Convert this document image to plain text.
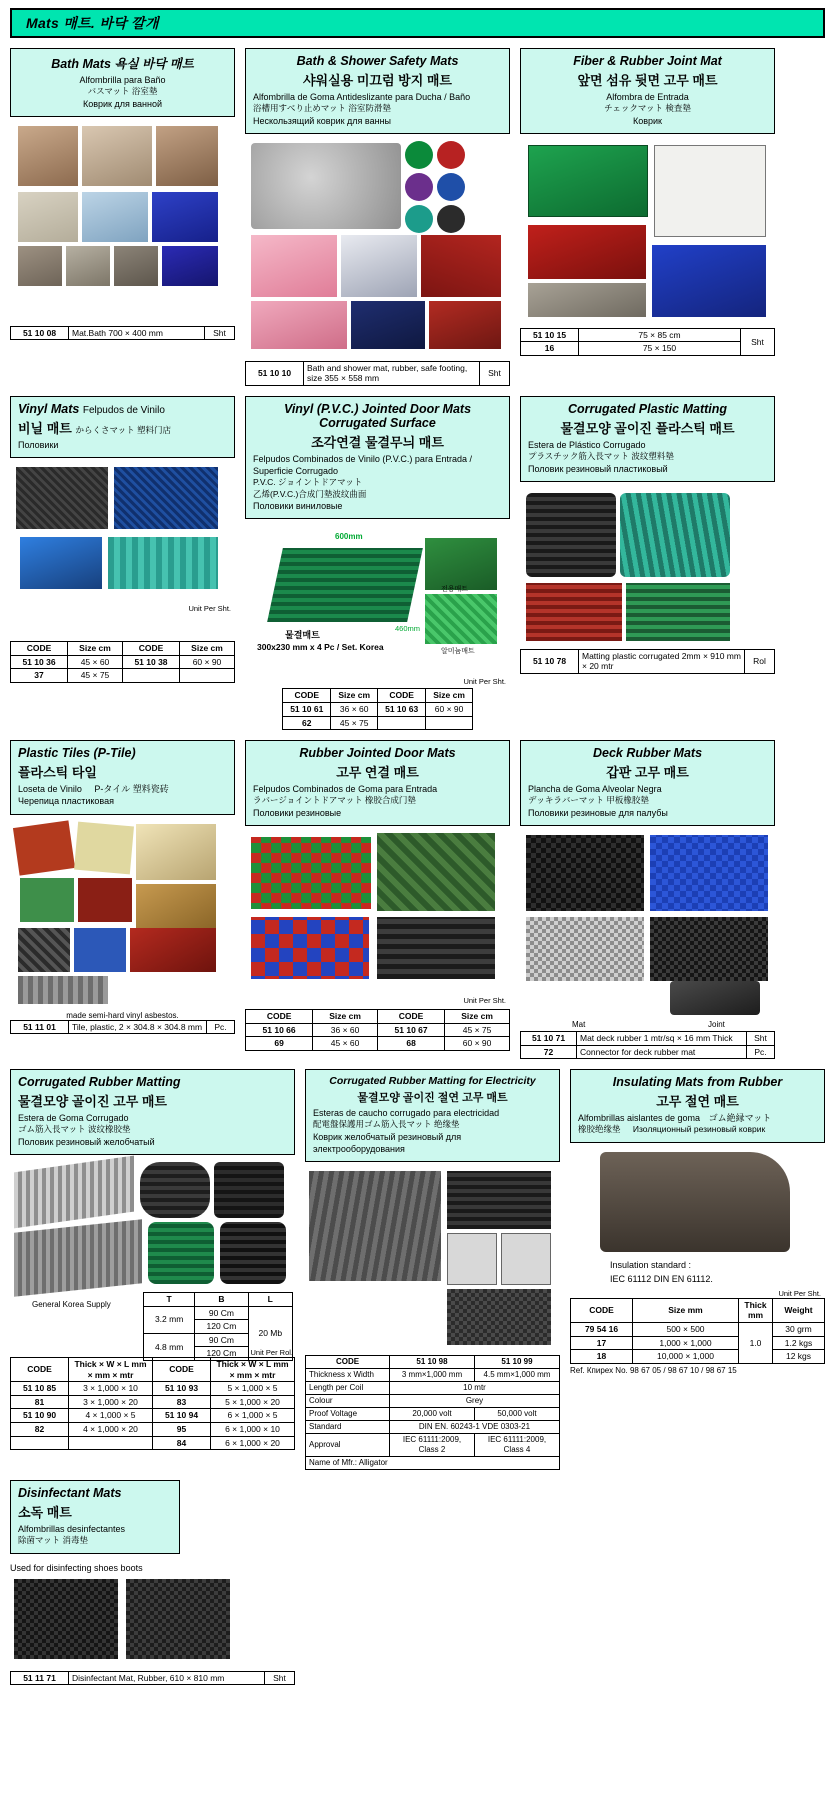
Mats 매트. 바닥 깔개
Bath Mats 욕실 바닥 매트
Alfombrilla para Baño
バスマット 浴室墊
Коврик для ванной
51 10 08	Mat.Bath 700 × 400 mm	Sht
Bath & Shower Safety Mats
샤워실용 미끄럼 방지 매트
Alfombrilla de Goma Antideslizante para Ducha / Baño
浴槽用すべり止めマット 浴室防滑墊
Нескользящий коврик для ванны
51 10 10	Bath and shower mat, rubber, safe footing, size 355 × 558 mm	Sht
Fiber & Rubber Joint Mat
앞면 섬유 뒷면 고무 매트
Alfombra de Entrada
チェックマット 検査墊
Коврик
51 10 15	75 × 85 cm	Sht
16	75 × 150	
Vinyl Mats Felpudos de Vinilo
비닐 매트 からくさマット 塑料门店
Половики
Unit Per Sht.
CODE	Size cm	CODE	Size cm
51 10 36	45 × 60	51 10 38	60 × 90
37	45 × 75		
Vinyl (P.V.C.) Jointed Door Mats Corrugated Surface
조각연결 물결무늬 매트
Felpudos Combinados de Vinilo (P.V.C.) para Entrada / Superficie Corrugado
P.V.C. ジョイントドアマット
乙烯(P.V.C.)合成门墊波纹曲面
Половики виниловые
600mm
460mm
물결매트
300x230 mm x 4 Pc / Set. Korea
전용매트
알미늄매트
Unit Per Sht.
CODE	Size cm	CODE	Size cm
51 10 61	36 × 60	51 10 63	60 × 90
62	45 × 75		
Corrugated Plastic Matting
물결모양 골이진 플라스틱 매트
Estera de Plástico Corrugado
プラスチック筋入長マット 波纹塑料墊
Половик резиновый пластиковый
51 10 78	Matting plastic corrugated 2mm × 910 mm × 20 mtr	Rol
Plastic Tiles (P-Tile)
플라스틱 타일
Loseta de Vinilo P-タイル 塑料瓷砖
Черепица пластиковая
made semi-hard vinyl asbestos.
51 11 01	Tile, plastic, 2 × 304.8 × 304.8 mm	Pc.
Rubber Jointed Door Mats
고무 연결 매트
Felpudos Combinados de Goma para Entrada
ラバージョイントドアマット 橡胶合成门墊
Половики резиновые
Unit Per Sht.
CODE	Size cm	CODE	Size cm
51 10 66	36 × 60	51 10 67	45 × 75
69	45 × 60	68	60 × 90
Deck Rubber Mats
갑판 고무 매트
Plancha de Goma Alveolar Negra
デッキラバーマット 甲板橡胶墊
Половики резиновые для палубы
Mat	Joint
51 10 71	Mat deck rubber 1 mtr/sq × 16 mm Thick	Sht
72	Connector for deck rubber mat	Pc.
Corrugated Rubber Matting
물결모양 골이진 고무 매트
Estera de Goma Corrugado
ゴム筋入長マット 波纹橡胶垫
Половик резиновый желобчатый
General Korea Supply
T	B	L
3.2 mm	90 Cm	20 Mb
	120 Cm	
4.8 mm	90 Cm	
	120 Cm		Unit Per Rol.
CODE	Thick × W × L mm × mm × mtr	CODE	Thick × W × L mm × mm × mtr
51 10 85	3 × 1,000 × 10	51 10 93	5 × 1,000 × 5
81	3 × 1,000 × 20	83	5 × 1,000 × 20
51 10 90	4 × 1,000 × 5	51 10 94	6 × 1,000 × 5
82	4 × 1,000 × 20	95	6 × 1,000 × 10
		84	6 × 1,000 × 20
Corrugated Rubber Matting for Electricity
물결모양 골이진 절연 고무 매트
Esteras de caucho corrugado para electricidad
配電盤保護用ゴム筋入長マット 绝缘垫
Коврик желобчатый резиновый для электрооборудования
CODE	51 10 98	51 10 99
Thickness x Width	3 mm×1,000 mm	4.5 mm×1,000 mm
Length per Coil	10 mtr	
Colour	Grey	
Proof Voltage	20,000 volt	50,000 volt
Standard	DIN EN. 60243-1 VDE 0303-21	
Approval	IEC 61111:2009, Class 2	IEC 61111:2009, Class 4
Name of Mfr.: Alligator		
Insulating Mats from Rubber
고무 절연 매트
Alfombrillas aislantes de goma ゴム絶縁マット
橡胶绝缘垫 Изоляционный резиновый коврик
Insulation standard :
IEC 61112 DIN EN 61112.
Unit Per Sht.
CODE	Size mm	Thick mm	Weight
79 54 16	500 × 500	1.0	30 grm
17	1,000 × 1,000		1.2 kgs
18	10,000 × 1,000		12 kgs
Ref. Кпирех No. 98 67 05 / 98 67 10 / 98 67 15
Disinfectant Mats
소독 매트
Alfombrillas desinfectantes
除菌マット 消毒垫
Used for disinfecting shoes boots
51 11 71	Disinfectant Mat, Rubber, 610 × 810 mm	Sht
